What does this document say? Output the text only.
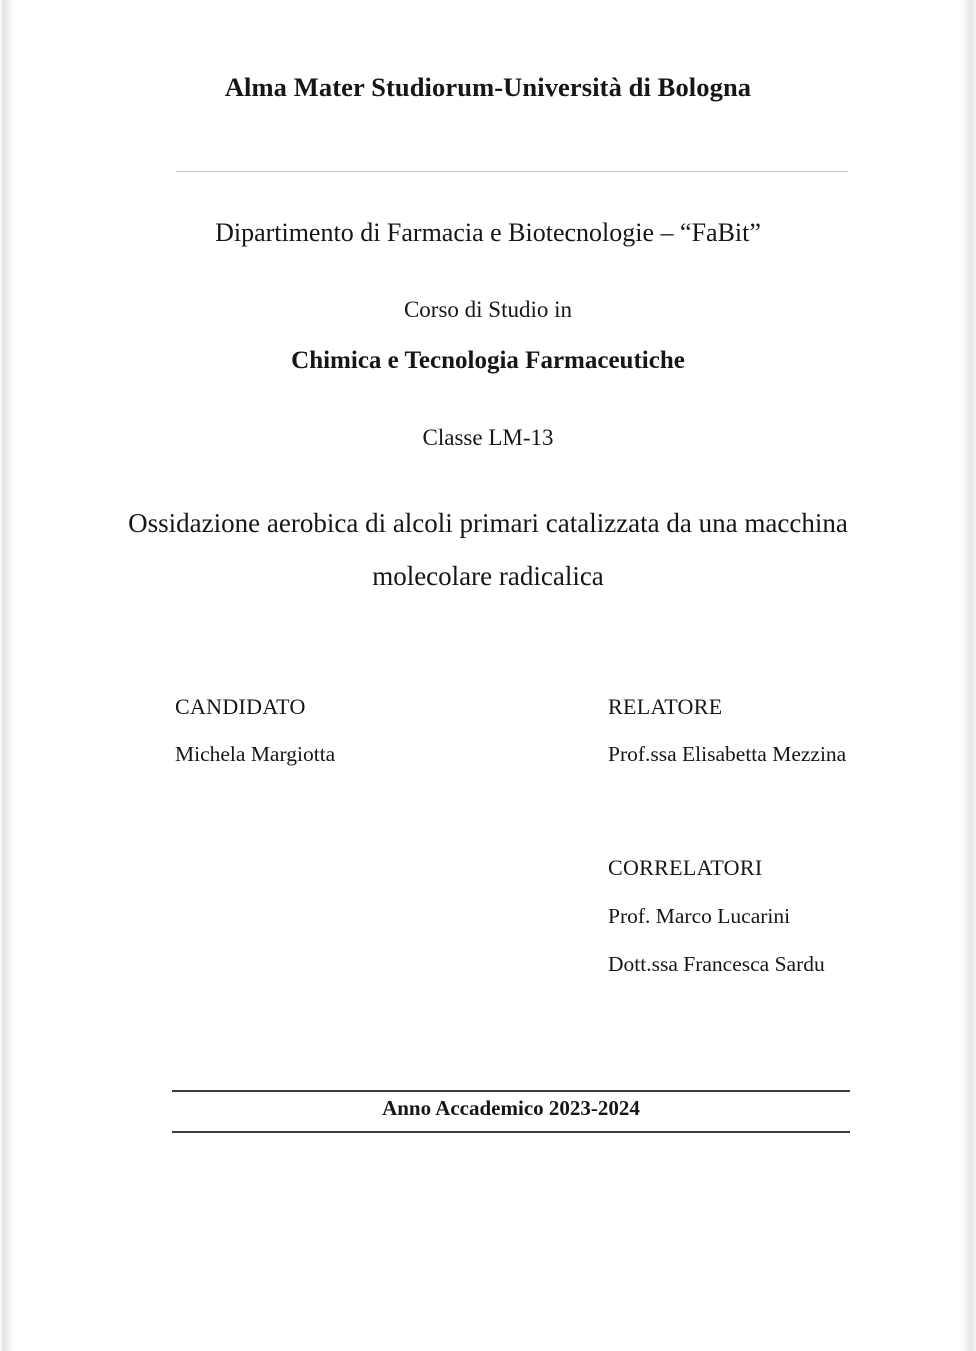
Alma Mater Studiorum-Università di Bologna
Dipartimento di Farmacia e Biotecnologie – “FaBit”
Corso di Studio in
Chimica e Tecnologia Farmaceutiche
Classe LM-13
Ossidazione aerobica di alcoli primari catalizzata da una macchina molecolare radicalica
CANDIDATO
Michela Margiotta
RELATORE
Prof.ssa Elisabetta Mezzina
CORRELATORI
Prof. Marco Lucarini
Dott.ssa Francesca Sardu
Anno Accademico 2023-2024
